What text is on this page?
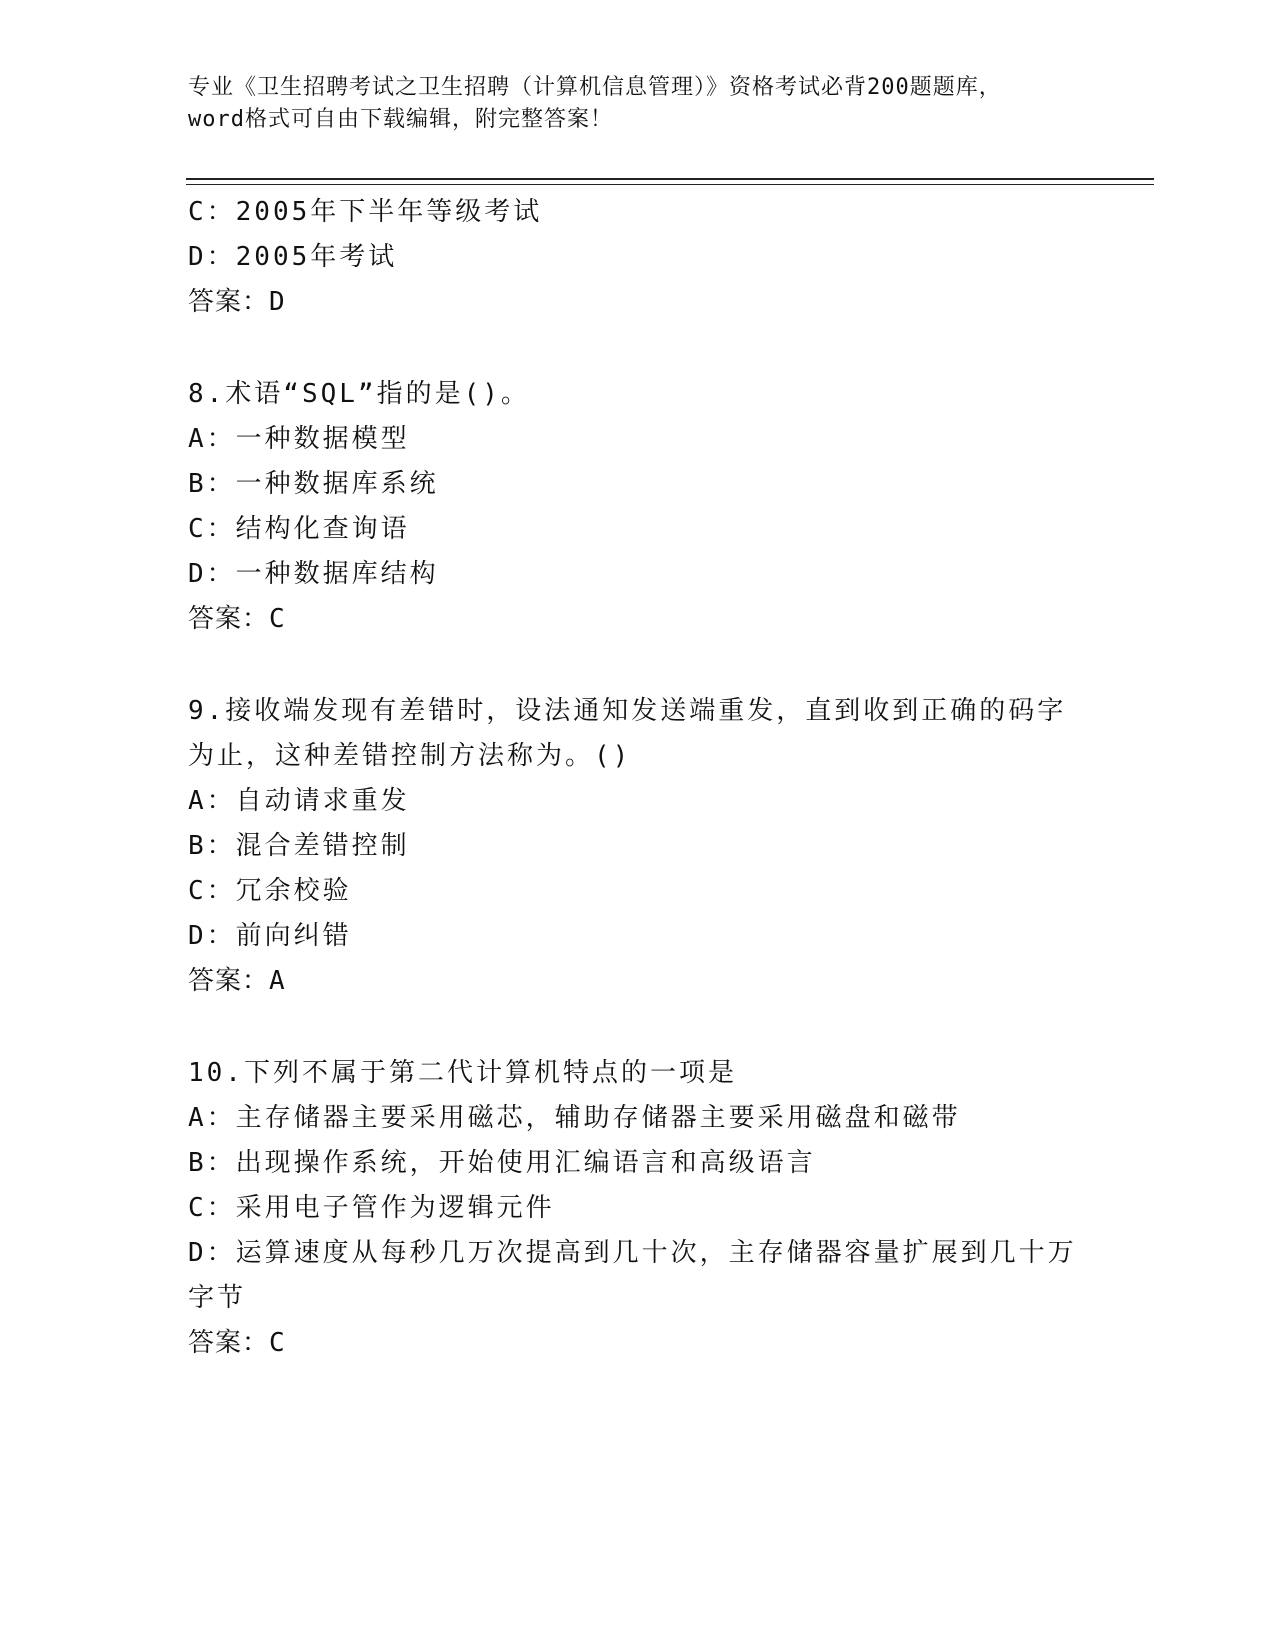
专业《卫生招聘考试之卫生招聘（计算机信息管理）》资格考试必背200题题库，
word格式可自由下载编辑，附完整答案！
C：2005年下半年等级考试
D：2005年考试
答案：D
8.术语“SQL”指的是()。
A：一种数据模型
B：一种数据库系统
C：结构化查询语
D：一种数据库结构
答案：C
9.接收端发现有差错时，设法通知发送端重发，直到收到正确的码字
为止，这种差错控制方法称为。()
A：自动请求重发
B：混合差错控制
C：冗余校验
D：前向纠错
答案：A
10.下列不属于第二代计算机特点的一项是
A：主存储器主要采用磁芯，辅助存储器主要采用磁盘和磁带
B：出现操作系统，开始使用汇编语言和高级语言
C：采用电子管作为逻辑元件
D：运算速度从每秒几万次提高到几十次，主存储器容量扩展到几十万
字节
答案：C
